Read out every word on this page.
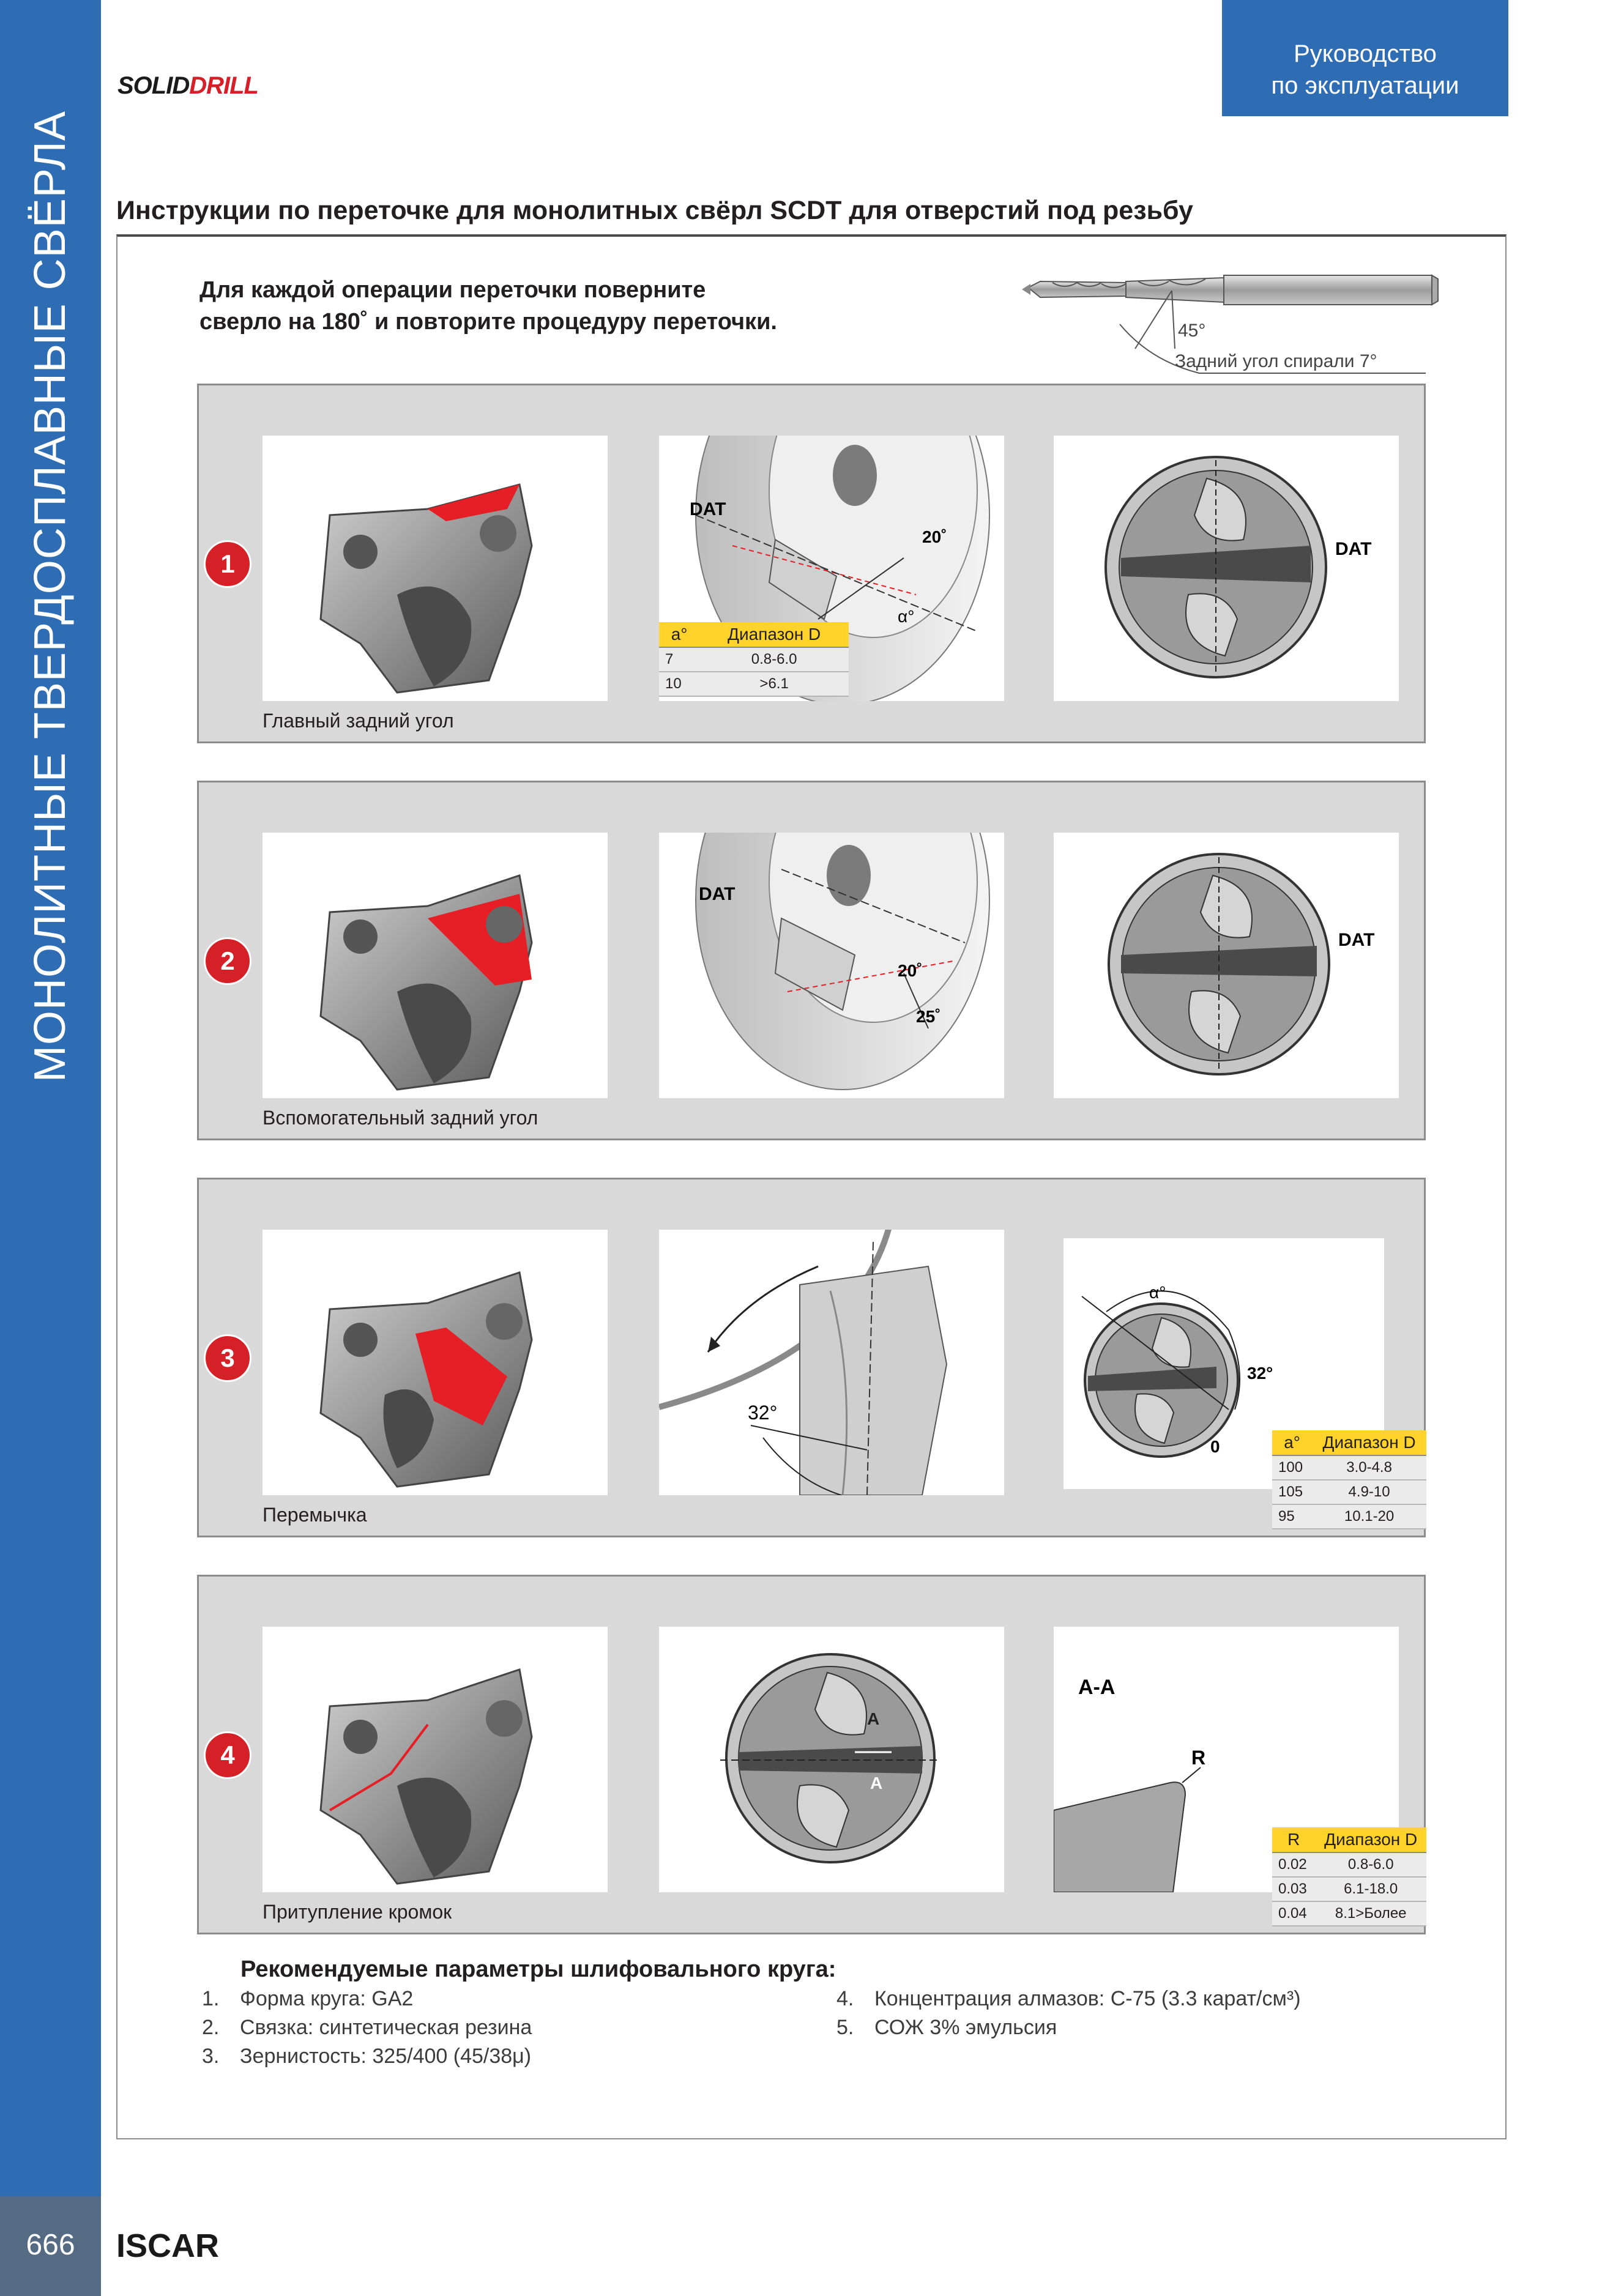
МОНОЛИТНЫЕ ТВЕРДОСПЛАВНЫЕ СВЁРЛА
666	ISCAR
SOLIDDRILL
Руководство
по эксплуатации
Инструкции по переточке для монолитных свёрл SCDT для отверстий под резьбу
Для каждой операции переточки поверните
сверло на 180˚ и повторите процедуру переточки.	45°
Задний угол спирали 7°
1
DAT
20˚
α°
a°	Диапазон D
7	0.8-6.0
10	>6.1
DAT
Главный задний угол
2
DAT
20˚
25˚
DAT
Вспомогательный задний угол
3
32°
α°
32°
0	a°	Диапазон D
100	3.0-4.8
105	4.9-10
95	10.1-20
Перемычка
4
A
A
A-A
R
R	Диапазон D
0.02	0.8-6.0
0.03	6.1-18.0
0.04	8.1>Более
Притупление кромок
Рекомендуемые параметры шлифовального круга:
1. Форма круга: GA2
2. Связка: синтетическая резина
3. Зернистость: 325/400 (45/38μ)
4. Концентрация алмазов: С-75 (3.3 карат/см³)
5. СОЖ 3% эмульсия
